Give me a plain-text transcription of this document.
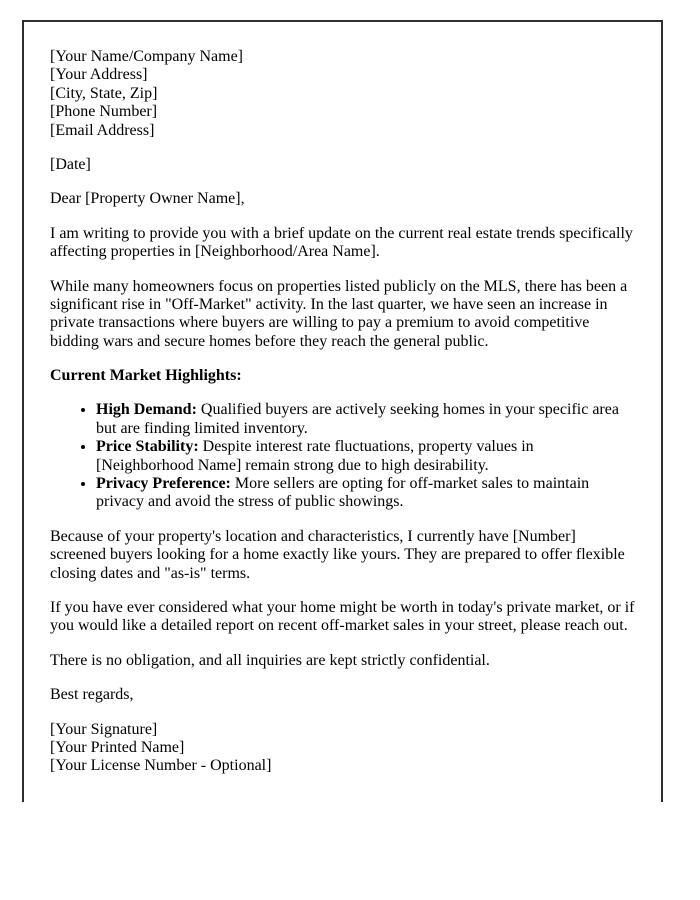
[Your Name/Company Name]
[Your Address]
[City, State, Zip]
[Phone Number]
[Email Address]

[Date]

Dear [Property Owner Name],

I am writing to provide you with a brief update on the current real estate trends specifically affecting properties in [Neighborhood/Area Name].

While many homeowners focus on properties listed publicly on the MLS, there has been a significant rise in "Off-Market" activity. In the last quarter, we have seen an increase in private transactions where buyers are willing to pay a premium to avoid competitive bidding wars and secure homes before they reach the general public.

Current Market Highlights:

• High Demand: Qualified buyers are actively seeking homes in your specific area but are finding limited inventory.
• Price Stability: Despite interest rate fluctuations, property values in [Neighborhood Name] remain strong due to high desirability.
• Privacy Preference: More sellers are opting for off-market sales to maintain privacy and avoid the stress of public showings.

Because of your property's location and characteristics, I currently have [Number] screened buyers looking for a home exactly like yours. They are prepared to offer flexible closing dates and "as-is" terms.

If you have ever considered what your home might be worth in today's private market, or if you would like a detailed report on recent off-market sales in your street, please reach out.

There is no obligation, and all inquiries are kept strictly confidential.

Best regards,

[Your Signature]
[Your Printed Name]
[Your License Number - Optional]
